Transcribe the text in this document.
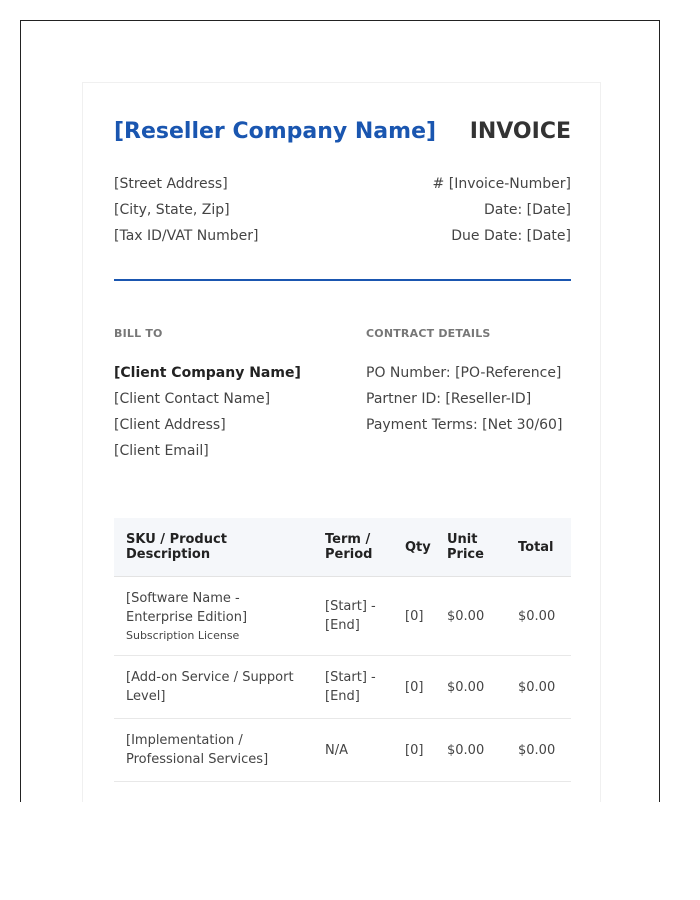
[Reseller Company Name] INVOICE
[Street Address]
[City, State, Zip]
[Tax ID/VAT Number]
# [Invoice-Number]
Date: [Date]
Due Date: [Date]
BILL TO	CONTRACT DETAILS
[Client Company Name]
[Client Contact Name]
[Client Address]
[Client Email]
PO Number: [PO-Reference]
Partner ID: [Reseller-ID]
Payment Terms: [Net 30/60]
SKU / Product Description	Term / Period	Qty	Unit Price	Total

[Software Name - Enterprise Edition]
Subscription License	[Start] - [End]	[0]	$0.00	$0.00
[Add-on Service / Support Level]	[Start] - [End]	[0]	$0.00	$0.00
[Implementation / Professional Services]	N/A	[0]	$0.00	$0.00
